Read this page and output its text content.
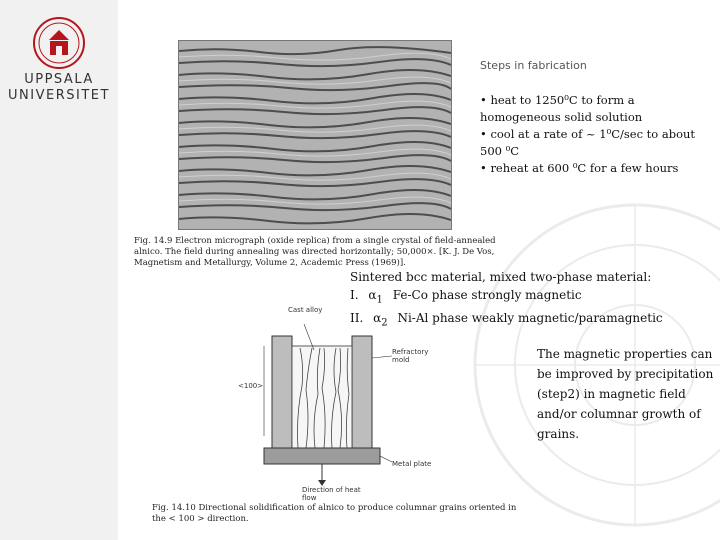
UPPSALA
UNIVERSITET
Fig. 14.9 Electron micrograph (oxide replica) from a single crystal of field-annealed alnico. The field during annealing was directed horizontally; 50,000×. [K. J. De Vos, Magnetism and Metallurgy, Volume 2, Academic Press (1969)].
Cast alloy
Refractory mold
<100>
Metal plate
Direction of heat flow
Fig. 14.10 Directional solidification of alnico to produce columnar grains oriented in the < 100 > direction.
Steps in fabrication
• heat to 1250⁰C to form a homogeneous solid solution
• cool at a rate of ~ 1⁰C/sec to about 500 ⁰C
• reheat at 600 ⁰C for a few hours
Sintered bcc material, mixed two-phase material:
I. $\alpha_1$ Fe-Co phase strongly magnetic
II. $\alpha_2$ Ni-Al phase weakly magnetic/paramagnetic
The magnetic properties can be improved by precipitation (step2) in magnetic field and/or columnar growth of grains.
